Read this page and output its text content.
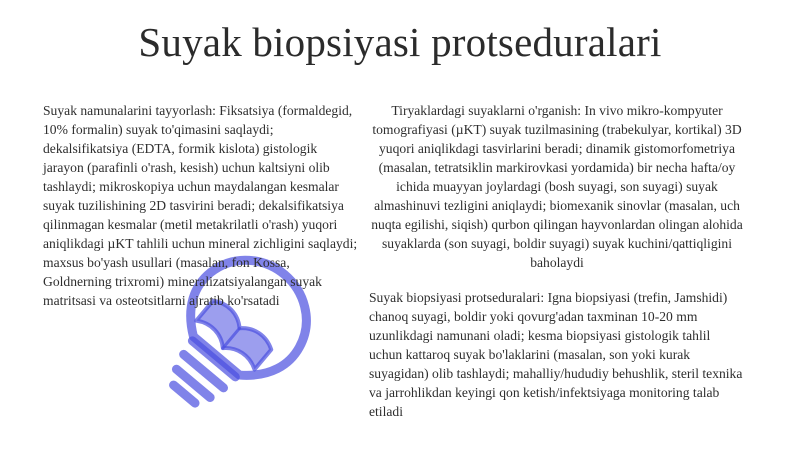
Suyak biopsiyasi protseduralari
Suyak namunalarini tayyorlash: Fiksatsiya (formaldegid, 10% formalin) suyak to'qimasini saqlaydi; dekalsifikatsiya (EDTA, formik kislota) gistologik jarayon (parafinli o'rash, kesish) uchun kaltsiyni olib tashlaydi; mikroskopiya uchun maydalangan kesmalar suyak tuzilishining 2D tasvirini beradi; dekalsifikatsiya qilinmagan kesmalar (metil metakrilatli o'rash) yuqori aniqlikdagi µKT tahlili uchun mineral zichligini saqlaydi; maxsus bo'yash usullari (masalan, fon Kossa, Goldnerning trixromi) mineralizatsiyalangan suyak matritsasi va osteotsitlarni ajratib ko'rsatadi
Tiryaklardagi suyaklarni o'rganish: In vivo mikro-kompyuter tomografiyasi (µKT) suyak tuzilmasining (trabekulyar, kortikal) 3D yuqori aniqlikdagi tasvirlarini beradi; dinamik gistomorfometriya (masalan, tetratsiklin markirovkasi yordamida) bir necha hafta/oy ichida muayyan joylardagi (bosh suyagi, son suyagi) suyak almashinuvi tezligini aniqlaydi; biomexanik sinovlar (masalan, uch nuqta egilishi, siqish) qurbon qilingan hayvonlardan olingan alohida suyaklarda (son suyagi, boldir suyagi) suyak kuchini/qattiqligini baholaydi
Suyak biopsiyasi protseduralari: Igna biopsiyasi (trefin, Jamshidi) chanoq suyagi, boldir yoki qovurg'adan taxminan 10-20 mm uzunlikdagi namunani oladi; kesma biopsiyasi gistologik tahlil uchun kattaroq suyak bo'laklarini (masalan, son yoki kurak suyagidan) olib tashlaydi; mahalliy/hududiy behushlik, steril texnika va jarrohlikdan keyingi qon ketish/infektsiyaga monitoring talab etiladi
